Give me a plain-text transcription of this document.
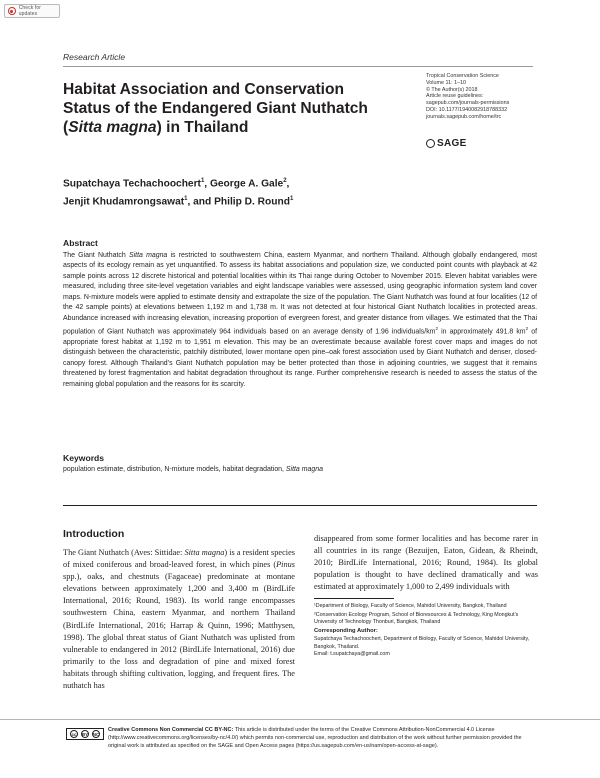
Check for updates
Research Article
Habitat Association and Conservation
Status of the Endangered Giant Nuthatch
(Sitta magna) in Thailand
Tropical Conservation Science
Volume 11: 1–10
© The Author(s) 2018
Article reuse guidelines:
sagepub.com/journals-permissions
DOI: 10.1177/1940082918788332
journals.sagepub.com/home/trc
SAGE
Supatchaya Techachoochert$^1$, George A. Gale$^2$,
Jenjit Khudamrongsawat$^1$, and Philip D. Round$^1$
Abstract
The Giant Nuthatch Sitta magna is restricted to southwestern China, eastern Myanmar, and northern Thailand. Although globally endangered, most aspects of its ecology remain as yet unquantified. To assess its habitat associations and population size, we conducted point counts with playback at 42 sample points across 12 discrete historical and potential localities within its Thai range during October to November 2015. Eleven habitat variables were measured, including three site-level vegetation variables and eight landscape variables were assessed, using geographic information system land cover maps. N-mixture models were applied to estimate density and extrapolate the size of the population. The Giant Nuthatch was found at four localities (12 of the 42 sample points) at elevations between 1,192 m and 1,738 m. It was not detected at four historical Giant Nuthatch localities in protected areas. Abundance increased with increasing elevation, increasing proportion of evergreen forest, and greater distance from villages. We estimated that the Thai population of Giant Nuthatch was approximately 964 individuals based on an average density of 1.96 individuals/$km^2$ in approximately 491.8 $km^2$ of appropriate forest habitat at 1,192 m to 1,951 m elevation. This may be an overestimate because available forest cover maps and images do not distinguish between the characteristic, patchily distributed, lower montane open pine–oak forest association used by Giant Nuthatch and denser, closed-canopy forest. Although Thailand’s Giant Nuthatch population may be better protected than those in adjoining countries, we suggest that it remains threatened by forest fragmentation and habitat degradation throughout its range. Further comprehensive research is needed to assess the status of the remaining global population and the reasons for its scarcity.
Keywords
population estimate, distribution, N-mixture models, habitat degradation, Sitta magna
Introduction

The Giant Nuthatch (Aves: Sittidae: Sitta magna) is a resident species of mixed coniferous and broad-leaved forest, in which pines (Pinus spp.), oaks, and chestnuts (Fagaceae) predominate at montane elevations between approximately 1,200 and 3,400 m (BirdLife International, 2016; Round, 1983). Its world range encompasses southwestern China, eastern Myanmar, and northern Thailand (BirdLife International, 2016; Harrap & Quinn, 1996; Matthysen, 1998). The global threat status of Giant Nuthatch was uplisted from vulnerable to endangered in 2012 (BirdLife International, 2016) due primarily to the loss and degradation of pine and mixed forest habitats through shifting cultivation, logging, and frequent fires. The nuthatch has

disappeared from some former localities and has become rarer in all countries in its range (Bezuijen, Eaton, Gidean, & Rheindt, 2010; BirdLife International, 2016; Round, 1984). Its global population is thought to have declined dramatically and was estimated at approximately 1,000 to 2,499 individuals with

¹Department of Biology, Faculty of Science, Mahidol University, Bangkok, Thailand

²Conservation Ecology Program, School of Bioresources & Technology, King Mongkut’s University of Technology Thonburi, Bangkok, Thailand

Corresponding Author:

Supatchaya Techachoochert, Department of Biology, Faculty of Science, Mahidol University, Bangkok, Thailand.

Email: t.supatchaya@gmail.com

cc	BY NC
Creative Commons Non Commercial CC BY-NC: This article is distributed under the terms of the Creative Commons Attribution-NonCommercial 4.0 License (http://www.creativecommons.org/licenses/by-nc/4.0/) which permits non-commercial use, reproduction and distribution of the work without further permission provided the original work is attributed as specified on the SAGE and Open Access pages (https://us.sagepub.com/en-us/nam/open-access-at-sage).
